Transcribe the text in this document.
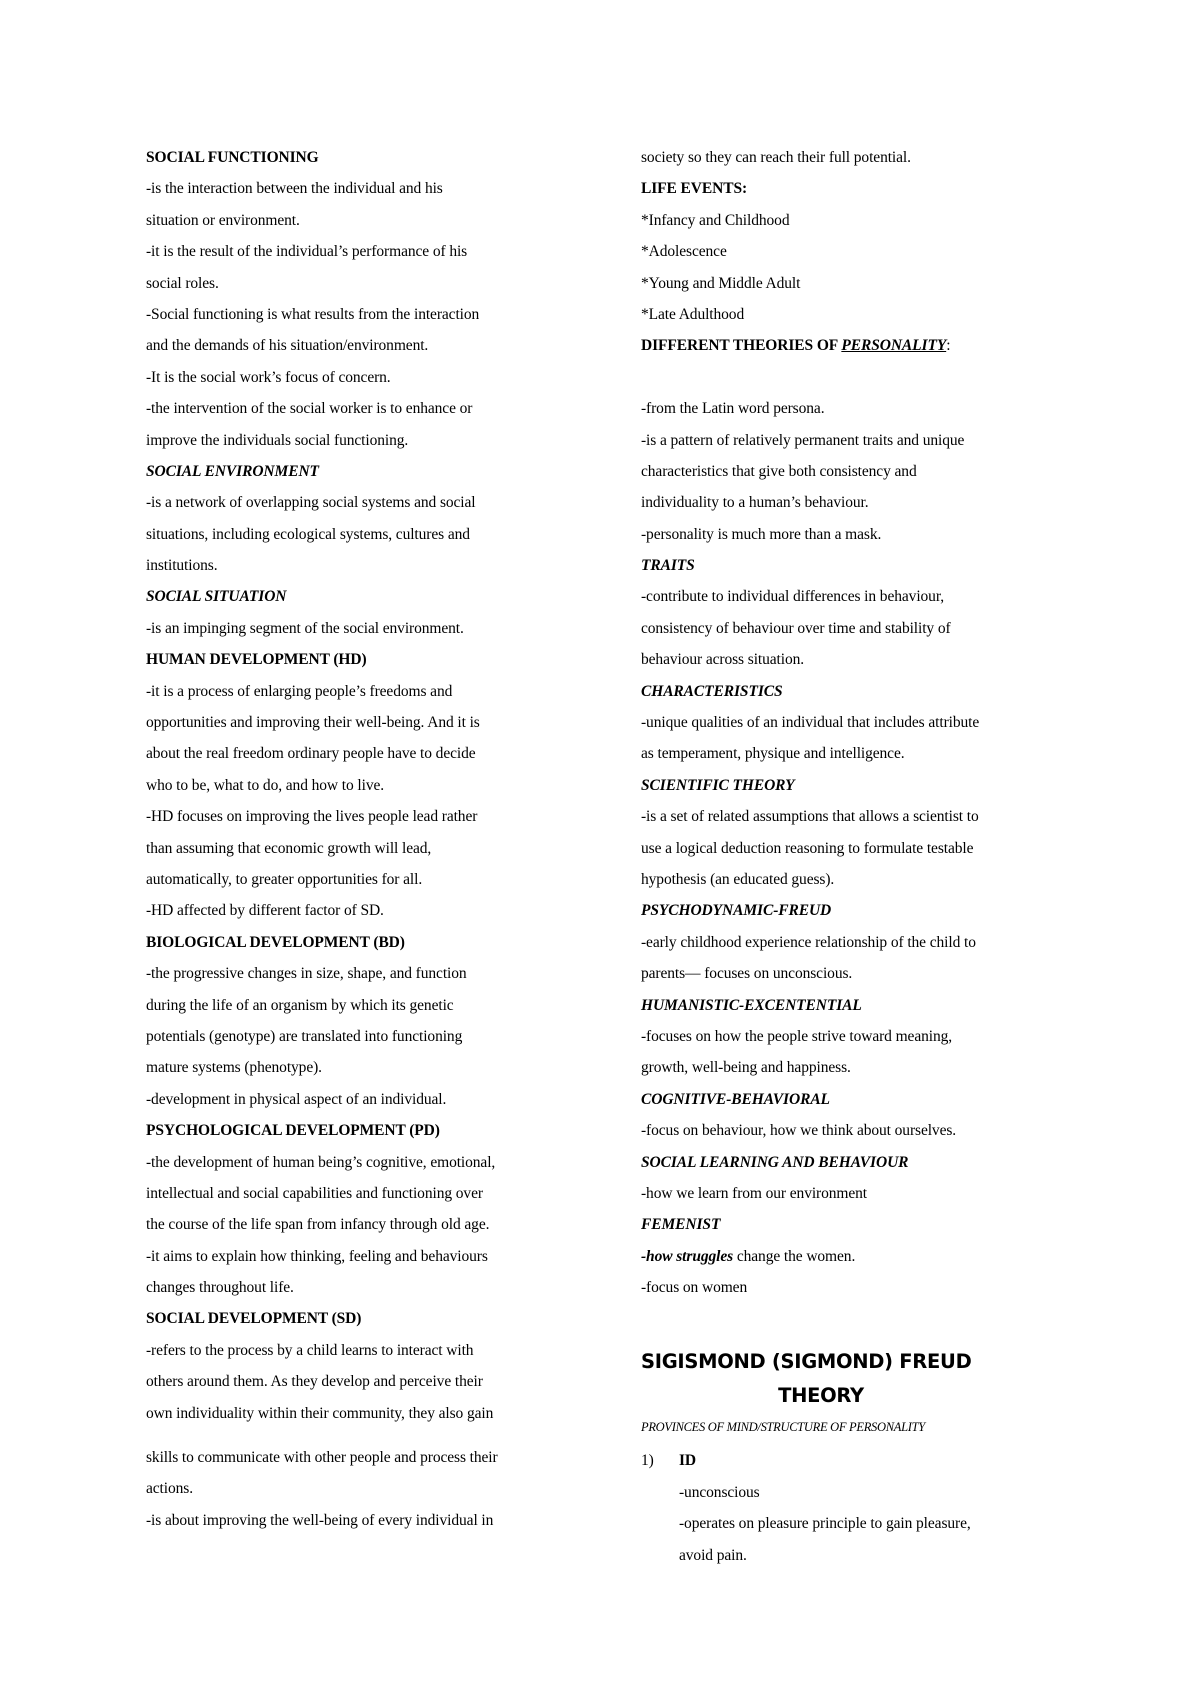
SOCIAL FUNCTIONING
-is the interaction between the individual and his
situation or environment.
-it is the result of the individual’s performance of his
social roles.
-Social functioning is what results from the interaction
and the demands of his situation/environment.
-It is the social work’s focus of concern.
-the intervention of the social worker is to enhance or
improve the individuals social functioning.
SOCIAL ENVIRONMENT
-is a network of overlapping social systems and social
situations, including ecological systems, cultures and
institutions.
SOCIAL SITUATION
-is an impinging segment of the social environment.
HUMAN DEVELOPMENT (HD)
-it is a process of enlarging people’s freedoms and
opportunities and improving their well-being. And it is
about the real freedom ordinary people have to decide
who to be, what to do, and how to live.
-HD focuses on improving the lives people lead rather
than assuming that economic growth will lead,
automatically, to greater opportunities for all.
-HD affected by different factor of SD.
BIOLOGICAL DEVELOPMENT (BD)
-the progressive changes in size, shape, and function
during the life of an organism by which its genetic
potentials (genotype) are translated into functioning
mature systems (phenotype).
-development in physical aspect of an individual.
PSYCHOLOGICAL DEVELOPMENT (PD)
-the development of human being’s cognitive, emotional,
intellectual and social capabilities and functioning over
the course of the life span from infancy through old age.
-it aims to explain how thinking, feeling and behaviours
changes throughout life.
SOCIAL DEVELOPMENT (SD)
-refers to the process by a child learns to interact with
others around them. As they develop and perceive their
own individuality within their community, they also gain
skills to communicate with other people and process their
actions.
-is about improving the well-being of every individual in
society so they can reach their full potential.
LIFE EVENTS:
*Infancy and Childhood
*Adolescence
*Young and Middle Adult
*Late Adulthood
DIFFERENT THEORIES OF PERSONALITY:
-from the Latin word persona.
-is a pattern of relatively permanent traits and unique
characteristics that give both consistency and
individuality to a human’s behaviour.
-personality is much more than a mask.
TRAITS
-contribute to individual differences in behaviour,
consistency of behaviour over time and stability of
behaviour across situation.
CHARACTERISTICS
-unique qualities of an individual that includes attribute
as temperament, physique and intelligence.
SCIENTIFIC THEORY
-is a set of related assumptions that allows a scientist to
use a logical deduction reasoning to formulate testable
hypothesis (an educated guess).
PSYCHODYNAMIC-FREUD
-early childhood experience relationship of the child to
parents— focuses on unconscious.
HUMANISTIC-EXCENTENTIAL
-focuses on how the people strive toward meaning,
growth, well-being and happiness.
COGNITIVE-BEHAVIORAL
-focus on behaviour, how we think about ourselves.
SOCIAL LEARNING AND BEHAVIOUR
-how we learn from our environment
FEMENIST
-how struggles change the women.
-focus on women
SIGISMOND (SIGMOND) FREUD
THEORY
PROVINCES OF MIND/STRUCTURE OF PERSONALITY
1)	ID
-unconscious
-operates on pleasure principle to gain pleasure,
avoid pain.
